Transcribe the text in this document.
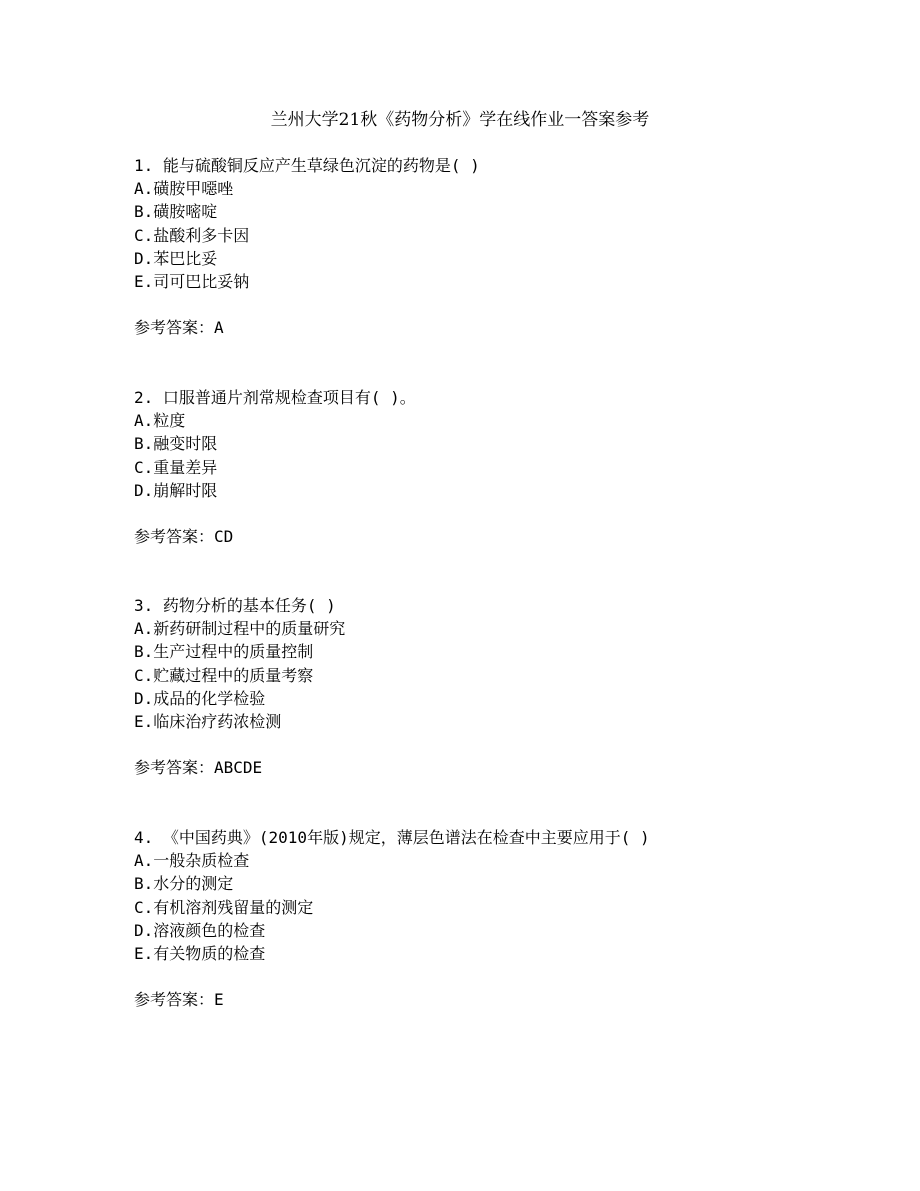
兰州大学21秋《药物分析》学在线作业一答案参考
1. 能与硫酸铜反应产生草绿色沉淀的药物是( )
A.磺胺甲噁唑
B.磺胺嘧啶
C.盐酸利多卡因
D.苯巴比妥
E.司可巴比妥钠
参考答案：A
2. 口服普通片剂常规检查项目有( )。
A.粒度
B.融变时限
C.重量差异
D.崩解时限
参考答案：CD
3. 药物分析的基本任务( )
A.新药研制过程中的质量研究
B.生产过程中的质量控制
C.贮藏过程中的质量考察
D.成品的化学检验
E.临床治疗药浓检测
参考答案：ABCDE
4. 《中国药典》(2010年版)规定，薄层色谱法在检查中主要应用于( )
A.一般杂质检查
B.水分的测定
C.有机溶剂残留量的测定
D.溶液颜色的检查
E.有关物质的检查
参考答案：E
